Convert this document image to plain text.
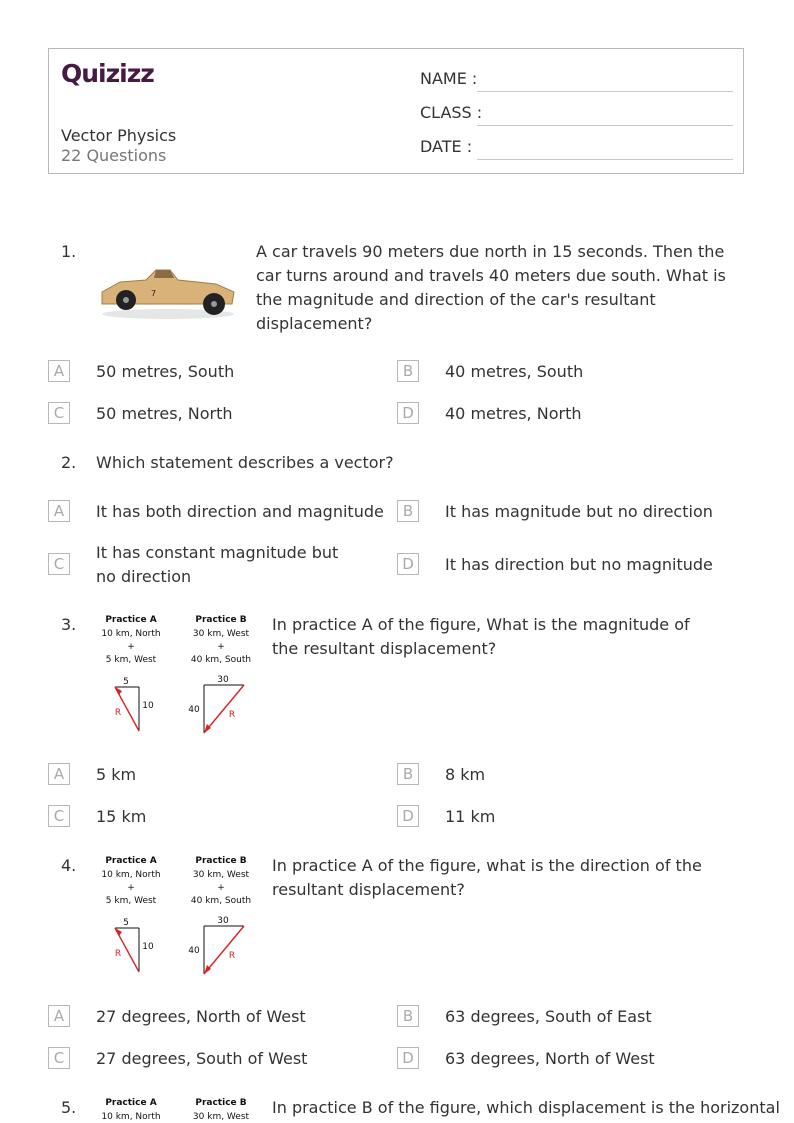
Quizizz
Vector Physics
22 Questions
NAME :
CLASS :
DATE :
1.
7
A car travels 90 meters due north in 15 seconds. Then the car turns around and travels 40 meters due south. What is the magnitude and direction of the car's resultant displacement?
A	50 metres, South	B	40 metres, South
C	50 metres, North	D	40 metres, North
2. Which statement describes a vector?
A	It has both direction and magnitude	B	It has magnitude but no direction
C
It has constant magnitude but no direction
D	It has direction but no magnitude
3.	Practice A	Practice B
10 km, North
+
5 km, West
30 km, West
+
40 km, South
5
10
R
30
40	R
In practice A of the figure, What is the magnitude of the resultant displacement?
A	5 km	B	8 km
C	15 km	D	11 km
4.	Practice A	Practice B
10 km, North
+
5 km, West
30 km, West
+
40 km, South
5
10
R
30
40	R
In practice A of the figure, what is the direction of the resultant displacement?
A	27 degrees, North of West	B	63 degrees, South of East
C	27 degrees, South of West	D	63 degrees, North of West
5.	Practice A	Practice B
10 km, North	30 km, West In practice B of the figure, which displacement is the horizontal
